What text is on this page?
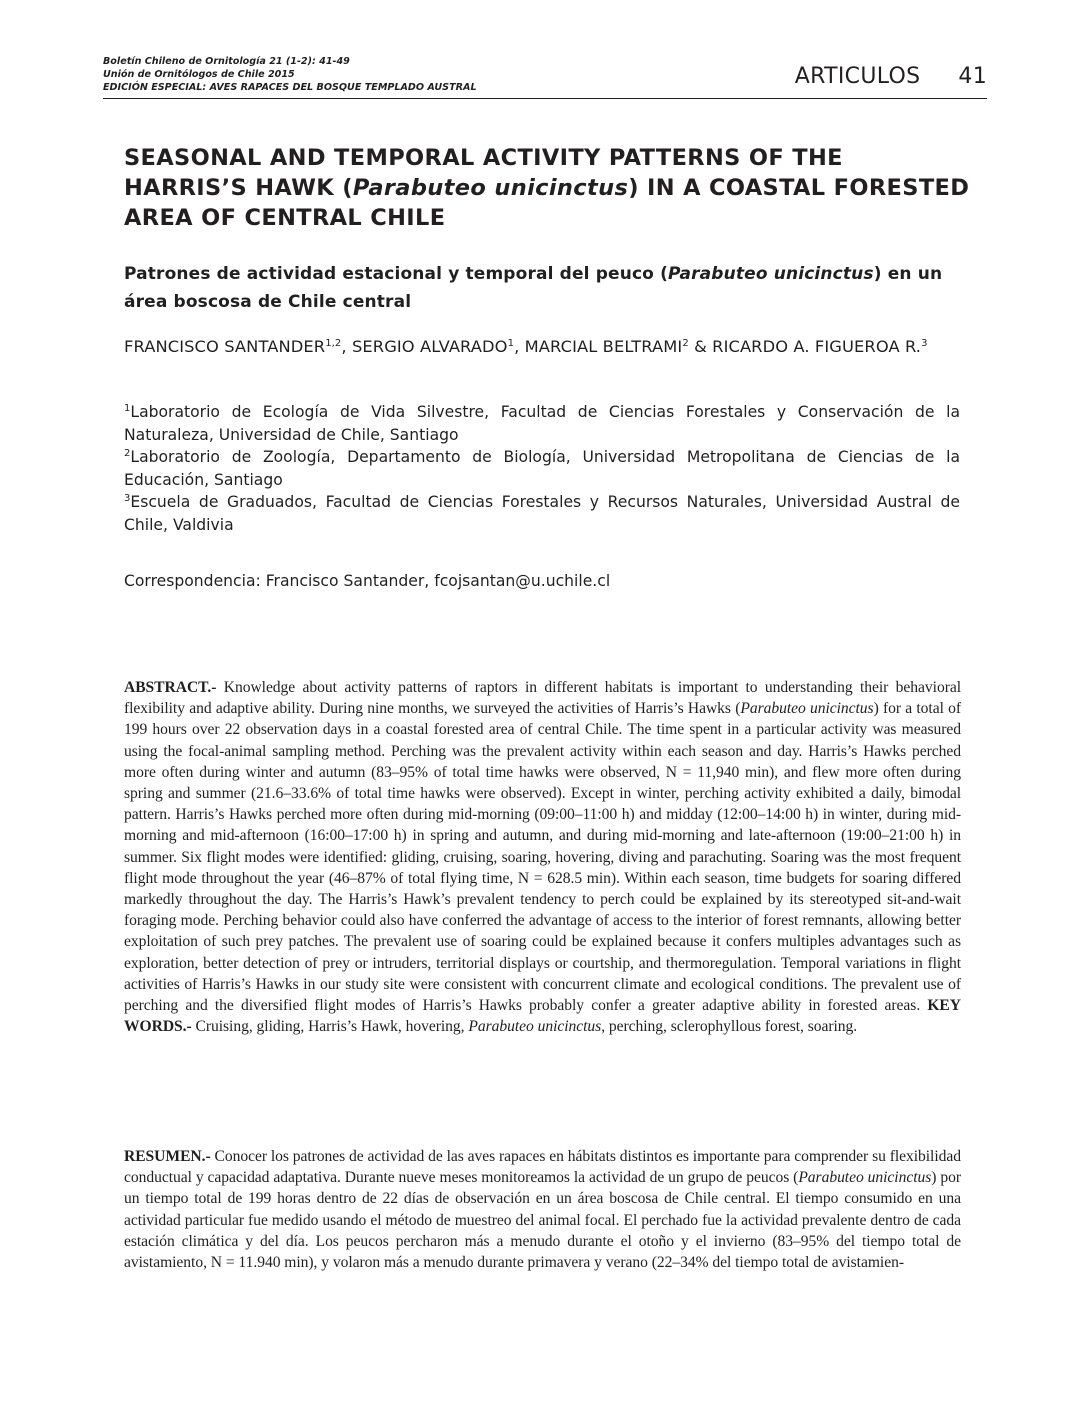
Boletín Chileno de Ornitología 21 (1-2): 41-49
Unión de Ornitólogos de Chile 2015
EDICIÓN ESPECIAL: AVES RAPACES DEL BOSQUE TEMPLADO AUSTRAL	ARTICULOS 41
SEASONAL AND TEMPORAL ACTIVITY PATTERNS OF THE HARRIS’S HAWK (Parabuteo unicinctus) IN A COASTAL FORESTED AREA OF CENTRAL CHILE
Patrones de actividad estacional y temporal del peuco (Parabuteo unicinctus) en un área boscosa de Chile central
FRANCISCO SANTANDER$^{1,2}$, SERGIO ALVARADO$^1$, MARCIAL BELTRAMI$^2$ & RICARDO A. FIGUEROA R.$^3$

$^1$Laboratorio de Ecología de Vida Silvestre, Facultad de Ciencias Forestales y Conservación de la Naturaleza, Universidad de Chile, Santiago

$^2$Laboratorio de Zoología, Departamento de Biología, Universidad Metropolitana de Ciencias de la Educación, Santiago

$^3$Escuela de Graduados, Facultad de Ciencias Forestales y Recursos Naturales, Universidad Austral de Chile, Valdivia

Correspondencia: Francisco Santander, fcojsantan@u.uchile.cl

ABSTRACT.- Knowledge about activity patterns of raptors in different habitats is important to understanding their behavioral flexibility and adaptive ability. During nine months, we surveyed the activities of Harris’s Hawks (Parabuteo unicinctus) for a total of 199 hours over 22 observation days in a coastal forested area of central Chile. The time spent in a particular activity was measured using the focal-animal sampling method. Perching was the prevalent activity within each season and day. Harris’s Hawks perched more often during winter and autumn (83–95% of total time hawks were observed, N = 11,940 min), and flew more often during spring and summer (21.6–33.6% of total time hawks were observed). Except in winter, perching activity exhibited a daily, bimodal pattern. Harris’s Hawks perched more often during mid-morning (09:00–11:00 h) and midday (12:00–14:00 h) in winter, during mid-morning and mid-afternoon (16:00–17:00 h) in spring and autumn, and during mid-morning and late-afternoon (19:00–21:00 h) in summer. Six flight modes were identified: gliding, cruising, soaring, hovering, diving and parachuting. Soaring was the most frequent flight mode throughout the year (46–87% of total flying time, N = 628.5 min). Within each season, time budgets for soaring differed markedly throughout the day. The Harris’s Hawk’s prevalent tendency to perch could be explained by its stereotyped sit-and-wait foraging mode. Perching behavior could also have conferred the advantage of access to the interior of forest remnants, allowing better exploitation of such prey patches. The prevalent use of soaring could be explained because it confers multiples advantages such as exploration, better detection of prey or intruders, territorial displays or courtship, and thermoregulation. Temporal variations in flight activities of Harris’s Hawks in our study site were consistent with concurrent climate and ecological conditions. The prevalent use of perching and the diversified flight modes of Harris’s Hawks probably confer a greater adaptive ability in forested areas. KEY WORDS.- Cruising, gliding, Harris’s Hawk, hovering, Parabuteo unicinctus, perching, sclerophyllous forest, soaring.

RESUMEN.- Conocer los patrones de actividad de las aves rapaces en hábitats distintos es importante para comprender su flexibilidad conductual y capacidad adaptativa. Durante nueve meses monitoreamos la actividad de un grupo de peucos (Parabuteo unicinctus) por un tiempo total de 199 horas dentro de 22 días de observación en un área boscosa de Chile central. El tiempo consumido en una actividad particular fue medido usando el método de muestreo del animal focal. El perchado fue la actividad prevalente dentro de cada estación climática y del día. Los peucos percharon más a menudo durante el otoño y el invierno (83–95% del tiempo total de avistamiento, N = 11.940 min), y volaron más a menudo durante primavera y verano (22–34% del tiempo total de avistamien-
